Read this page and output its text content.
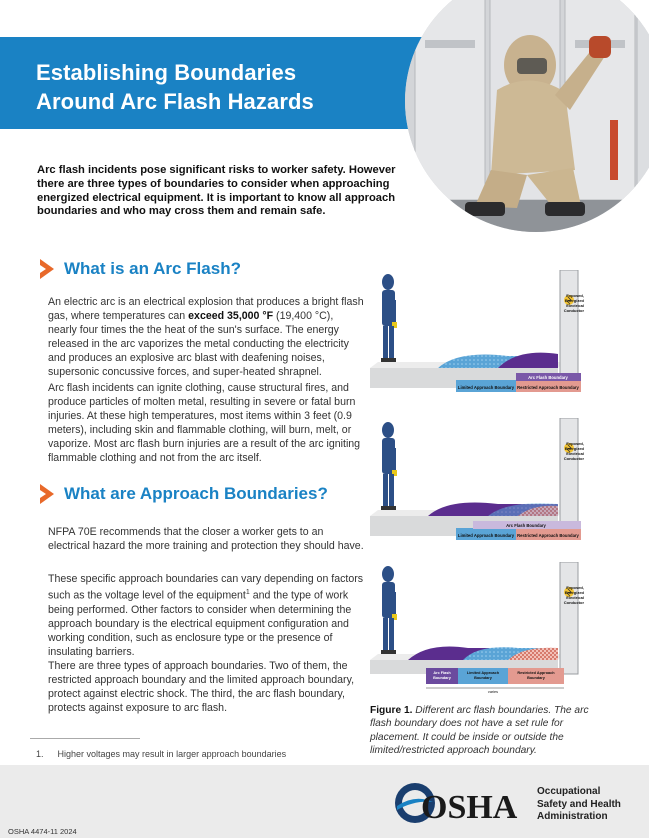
Establishing Boundaries
Around Arc Flash Hazards
Arc flash incidents pose significant risks to worker safety. However there are three types of boundaries to consider when approaching energized electrical equipment. It is important to know all approach boundaries and who may cross them and remain safe.
What is an Arc Flash?
An electric arc is an electrical explosion that produces a bright flash gas, where temperatures can exceed 35,000 °F (19,400 °C), nearly four times the the heat of the sun's surface. The energy released in the arc vaporizes the metal conducting the electricity and produces an explosive arc blast with deafening noises, supersonic concussive forces, and super-heated shrapnel.
Arc flash incidents can ignite clothing, cause structural fires, and produce particles of molten metal, resulting in severe or fatal burn injuries. At these high temperatures, most items within 3 feet (0.9 meters), including skin and flammable clothing, will burn, melt, or vaporize. Most arc flash burn injuries are a result of the arc igniting flammable clothing and not from the arc itself.
What are Approach Boundaries?
NFPA 70E recommends that the closer a worker gets to an electrical hazard the more training and protection they should have.
These specific approach boundaries can vary depending on factors such as the voltage level of the equipment$^1$ and the type of work being performed. Other factors to consider when determining the approach boundary is the electrical equipment configuration and working condition, such as enclosure type or the presence of insulating barriers.
There are three types of approach boundaries. Two of them, the restricted approach boundary and the limited approach boundary, protect against electric shock. The third, the arc flash boundary, protects against exposure to arc flash.
1. Higher voltages may result in larger approach boundaries
Limited Approach Boundary Restricted Approach Boundary
Arc Flash Boundary
Exposed,
Energized
Electrical
Conductor
Limited Approach Boundary Restricted Approach Boundary
Arc Flash Boundary
Exposed,
Energized
Electrical
Conductor
Arc Flash
Boundary
Limited Approach
Boundary
Restricted Approach
Boundary
varies
Exposed,
Energized
Electrical
Conductor
Figure 1. Different arc flash boundaries. The arc flash boundary does not have a set rule for placement. It could be inside or outside the limited/restricted approach boundary.
OSHA 4474-11 2024
OSHA Occupational
Safety and Health
Administration
